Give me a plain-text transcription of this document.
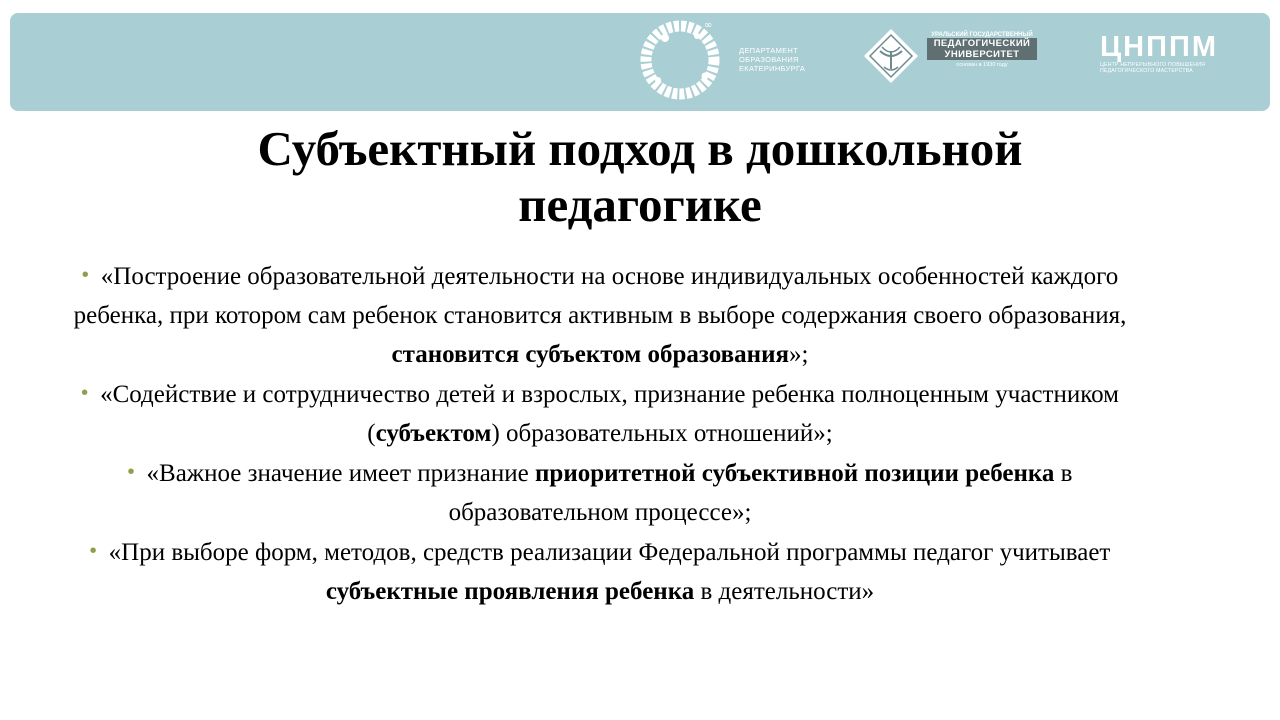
∞
ДЕПАРТАМЕНТ
ОБРАЗОВАНИЯ
ЕКАТЕРИНБУРГА
УРАЛЬСКИЙ ГОСУДАРСТВЕННЫЙ
ПЕДАГОГИЧЕСКИЙ
УНИВЕРСИТЕТ
основан в 1930 году
ЦНППМ
ЦЕНТР НЕПРЕРЫВНОГО ПОВЫШЕНИЯ
ПЕДАГОГИЧЕСКОГО МАСТЕРСТВА
Субъектный подход в дошкольной
педагогике
• «Построение образовательной деятельности на основе индивидуальных особенностей каждого ребенка, при котором сам ребенок становится активным в выборе содержания своего образования, становится субъектом образования»;
• «Содействие и сотрудничество детей и взрослых, признание ребенка полноценным участником (субъектом) образовательных отношений»;
• «Важное значение имеет признание приоритетной субъективной позиции ребенка в образовательном процессе»;
• «При выборе форм, методов, средств реализации Федеральной программы педагог учитывает субъектные проявления ребенка в деятельности»
